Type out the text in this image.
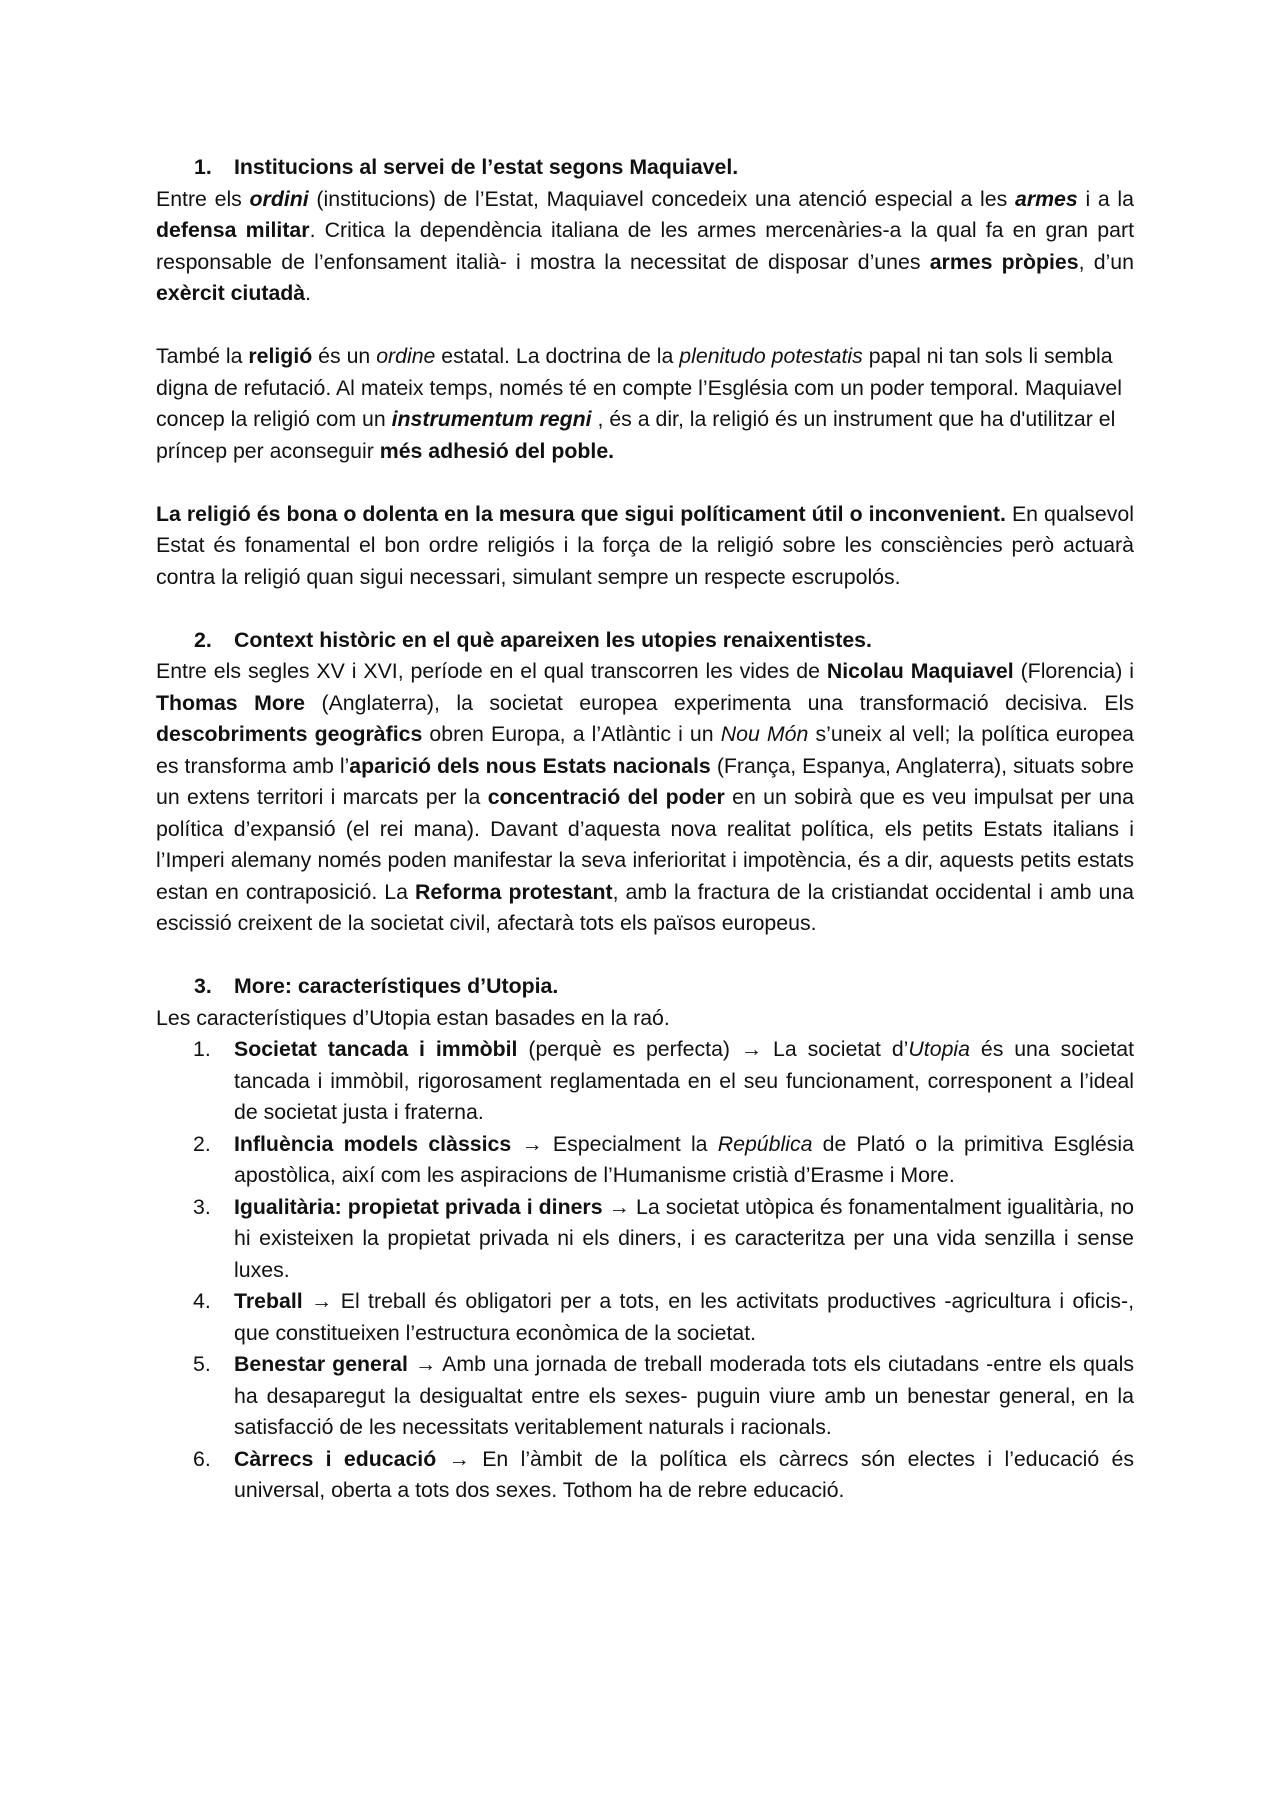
1.	Institucions al servei de l’estat segons Maquiavel.

Entre els ordini (institucions) de l’Estat, Maquiavel concedeix una atenció especial a les armes i a la defensa militar. Critica la dependència italiana de les armes mercenàries-a la qual fa en gran part responsable de l’enfonsament italià- i mostra la necessitat de disposar d’unes armes pròpies, d’un exèrcit ciutadà.

També la religió és un ordine estatal. La doctrina de la plenitudo potestatis papal ni tan sols li sembla digna de refutació. Al mateix temps, només té en compte l’Església com un poder temporal. Maquiavel concep la religió com un instrumentum regni , és a dir, la religió és un instrument que ha d'utilitzar el príncep per aconseguir més adhesió del poble.

La religió és bona o dolenta en la mesura que sigui políticament útil o inconvenient. En qualsevol Estat és fonamental el bon ordre religiós i la força de la religió sobre les consciències però actuarà contra la religió quan sigui necessari, simulant sempre un respecte escrupolós.

2.	Context històric en el què apareixen les utopies renaixentistes.

Entre els segles XV i XVI, període en el qual transcorren les vides de Nicolau Maquiavel (Florencia) i Thomas More (Anglaterra), la societat europea experimenta una transformació decisiva. Els descobriments geogràfics obren Europa, a l’Atlàntic i un Nou Món s’uneix al vell; la política europea es transforma amb l’aparició dels nous Estats nacionals (França, Espanya, Anglaterra), situats sobre un extens territori i marcats per la concentració del poder en un sobirà que es veu impulsat per una política d’expansió (el rei mana). Davant d’aquesta nova realitat política, els petits Estats italians i l’Imperi alemany només poden manifestar la seva inferioritat i impotència, és a dir, aquests petits estats estan en contraposició. La Reforma protestant, amb la fractura de la cristiandat occidental i amb una escissió creixent de la societat civil, afectarà tots els països europeus.

3.	More: característiques d’Utopia.

Les característiques d’Utopia estan basades en la raó.

1. Societat tancada i immòbil (perquè es perfecta) → La societat d’Utopia és una societat tancada i immòbil, rigorosament reglamentada en el seu funcionament, corresponent a l’ideal de societat justa i fraterna.
2. Influència models clàssics → Especialment la República de Plató o la primitiva Església apostòlica, així com les aspiracions de l’Humanisme cristià d’Erasme i More.
3. Igualitària: propietat privada i diners → La societat utòpica és fonamentalment igualitària, no hi existeixen la propietat privada ni els diners, i es caracteritza per una vida senzilla i sense luxes.
4. Treball → El treball és obligatori per a tots, en les activitats productives -agricultura i oficis-, que constitueixen l’estructura econòmica de la societat.
5. Benestar general → Amb una jornada de treball moderada tots els ciutadans -entre els quals ha desaparegut la desigualtat entre els sexes- puguin viure amb un benestar general, en la satisfacció de les necessitats veritablement naturals i racionals.
6. Càrrecs i educació → En l’àmbit de la política els càrrecs són electes i l’educació és universal, oberta a tots dos sexes. Tothom ha de rebre educació.
